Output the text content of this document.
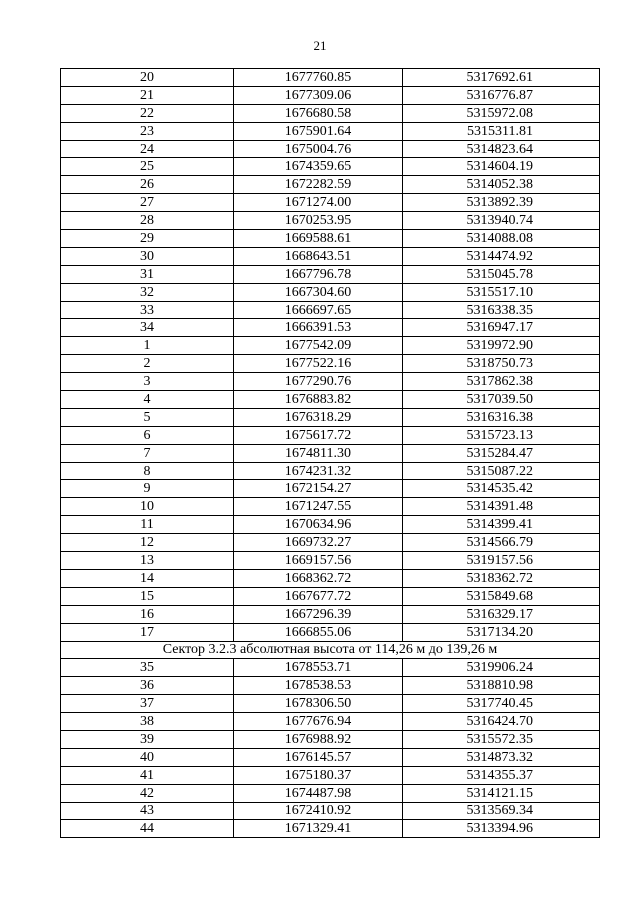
21
20	1677760.85	5317692.61
21	1677309.06	5316776.87
22	1676680.58	5315972.08
23	1675901.64	5315311.81
24	1675004.76	5314823.64
25	1674359.65	5314604.19
26	1672282.59	5314052.38
27	1671274.00	5313892.39
28	1670253.95	5313940.74
29	1669588.61	5314088.08
30	1668643.51	5314474.92
31	1667796.78	5315045.78
32	1667304.60	5315517.10
33	1666697.65	5316338.35
34	1666391.53	5316947.17
1	1677542.09	5319972.90
2	1677522.16	5318750.73
3	1677290.76	5317862.38
4	1676883.82	5317039.50
5	1676318.29	5316316.38
6	1675617.72	5315723.13
7	1674811.30	5315284.47
8	1674231.32	5315087.22
9	1672154.27	5314535.42
10	1671247.55	5314391.48
11	1670634.96	5314399.41
12	1669732.27	5314566.79
13	1669157.56	5319157.56
14	1668362.72	5318362.72
15	1667677.72	5315849.68
16	1667296.39	5316329.17
17	1666855.06	5317134.20
Сектор 3.2.3 абсолютная высота от 114,26 м до 139,26 м		
35	1678553.71	5319906.24
36	1678538.53	5318810.98
37	1678306.50	5317740.45
38	1677676.94	5316424.70
39	1676988.92	5315572.35
40	1676145.57	5314873.32
41	1675180.37	5314355.37
42	1674487.98	5314121.15
43	1672410.92	5313569.34
44	1671329.41	5313394.96
